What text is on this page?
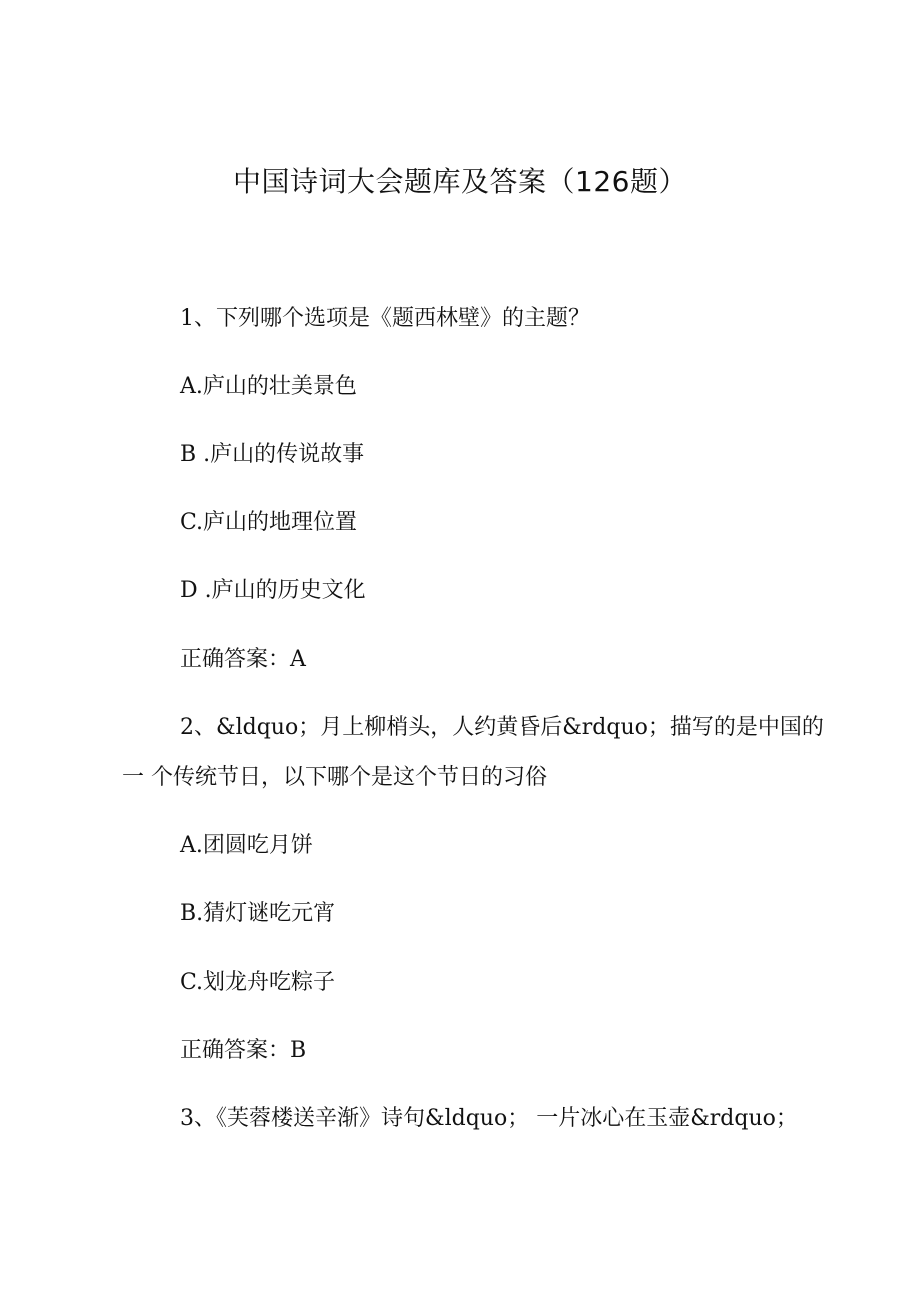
中国诗词大会题库及答案（126题）
1、下列哪个选项是《题西林壁》的主题？
A.庐山的壮美景色
B .庐山的传说故事
C.庐山的地理位置
D .庐山的历史文化
正确答案：A
2、&ldquo；月上柳梢头，人约黄昏后&rdquo；描写的是中国的
一 个传统节日，以下哪个是这个节日的习俗
A.团圆吃月饼
B.猜灯谜吃元宵
C.划龙舟吃粽子
正确答案：B
3、《芙蓉楼送辛渐》诗句&ldquo； 一片冰心在玉壶&rdquo；
